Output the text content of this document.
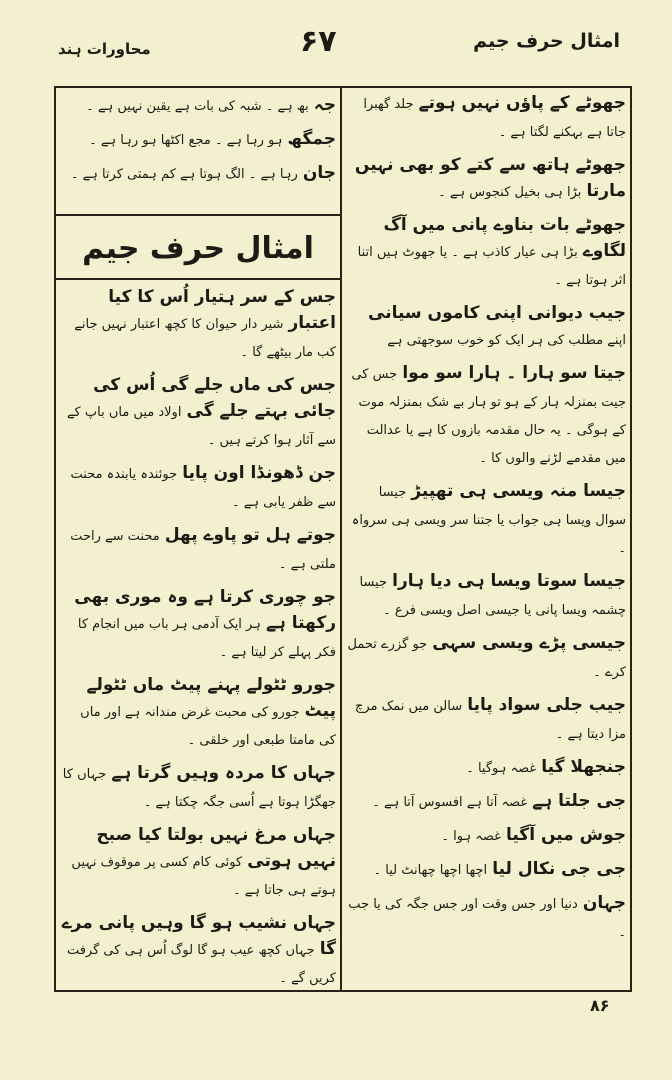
امثال حرف جیم
۶۷
محاورات ہند
جہ بھ ہے ۔ شبہ کی بات ہے یقین نہیں ہے ۔
جمگھ ہو رہا ہے ۔ مجع اکٹھا ہو رہا ہے ۔
جان رہا ہے ۔ الگ ہوتا ہے کم ہمتی کرتا ہے ۔
امثال حرف جیم
جس کے سر ہتیار اُس کا کیا اعتبار شیر دار حیوان کا کچھ اعتبار نہیں جانے کب مار بیٹھے گا ۔
جس کی ماں جلے گی اُس کی جائی بہتے جلے گی اولاد میں ماں باپ کے سے آثار ہوا کرتے ہیں ۔
جن ڈھونڈا اون پایا جوئندہ یابندہ محنت سے ظفر یابی ہے ۔
جوتے ہل تو پاوے پھل محنت سے راحت ملتی ہے ۔
جو چوری کرتا ہے وہ موری بھی رکھتا ہے ہر ایک آدمی ہر باب میں انجام کا فکر پہلے کر لیتا ہے ۔
جورو ٹٹولے پہنے پیٹ ماں ٹٹولے پیٹ جورو کی محبت غرض مندانہ ہے اور ماں کی مامتا طبعی اور خلقی ۔
جہاں کا مردہ وہیں گرتا ہے جہاں کا جھگڑا ہوتا ہے اُسی جگہ چکتا ہے ۔
جہاں مرغ نہیں بولتا کیا صبح نہیں ہوتی کوئی کام کسی پر موقوف نہیں ہوتے ہی جاتا ہے ۔
جہاں نشیب ہو گا وہیں پانی مرے گا جہاں کچھ عیب ہو گا لوگ اُس ہی کی گرفت کریں گے ۔
جھوٹے کے پاؤں نہیں ہوتے جلد گھبرا جاتا ہے بہکنے لگتا ہے ۔
جھوٹے ہاتھ سے کتے کو بھی نہیں مارتا بڑا ہی بخیل کنجوس ہے ۔
جھوٹے بات بناوے پانی میں آگ لگاوے بڑا ہی عیار کاذب ہے ۔ یا جھوٹ ہیں اتنا اثر ہوتا ہے ۔
جیب دیوانی اپنی کاموں سیانی اپنے مطلب کی ہر ایک کو خوب سوجھتی ہے
جیتا سو ہارا ۔ ہارا سو موا جس کی جیت بمنزلہ ہار کے ہو تو ہار بے شک بمنزلہ موت کے ہوگی ۔ یہ حال مقدمہ بازوں کا ہے یا عدالت میں مقدمے لڑنے والوں کا ۔
جیسا منہ ویسی ہی تھپیڑ جیسا سوال ویسا ہی جواب یا جتنا سر ویسی ہی سرواہ ۔
جیسا سوتا ویسا ہی دیا ہارا جیسا چشمہ ویسا پانی یا جیسی اصل ویسی فرع ۔
جیسی پڑے ویسی سہی جو گزرے تحمل کرے ۔
جیب جلی سواد پایا سالن میں نمک مرچ مزا دیتا ہے ۔
جنجھلا گیا غصہ ہوگیا ۔
جی جلتا ہے غصہ آتا ہے افسوس آتا ہے ۔
جوش میں آگیا غصہ ہوا ۔
جی جی نکال لیا اچھا اچھا چھانٹ لیا ۔
جہان دنیا اور جس وقت اور جس جگہ کی یا جب ۔
۸۶
